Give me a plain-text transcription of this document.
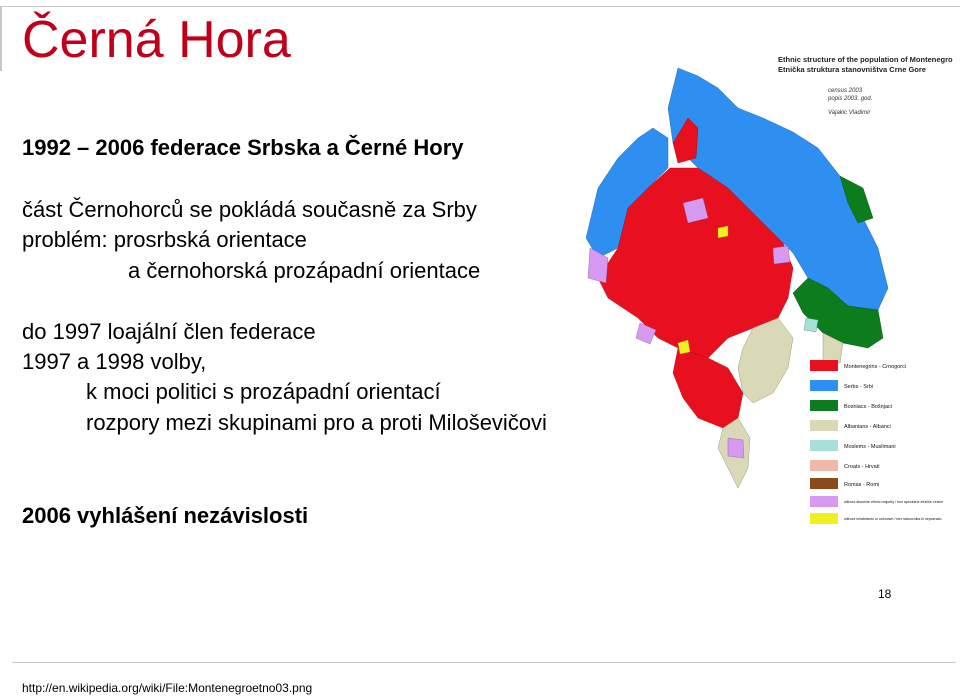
Černá Hora
1992 – 2006 federace Srbska a Černé Hory
část Černohorců se pokládá současně za Srby
problém: prosrbská orientace
a černohorská prozápadní orientace
do 1997 loajální člen federace
1997 a 1998 volby,
k moci politici s prozápadní orientací
rozpory mezi skupinami pro a proti Miloševičovi
2006 vyhlášení nezávislosti
Ethnic structure of the population of Montenegro
Etnička struktura stanovništva Crne Gore
census 2003
popis 2003. god.
Vajakic Vladimir
Montenegrins - Crnogorci
Serbs - Srbi
Bosniacs - Bošnjaci
Albanians - Albanci
Moslems - Muslimani
Croats - Hrvati
Romas - Romi
without absolute ethnic majority / bez apsolutne etničke većine
without inhabitants or unknown / bez stanovnika ili nepoznato
18
http://en.wikipedia.org/wiki/File:Montenegroetno03.png
